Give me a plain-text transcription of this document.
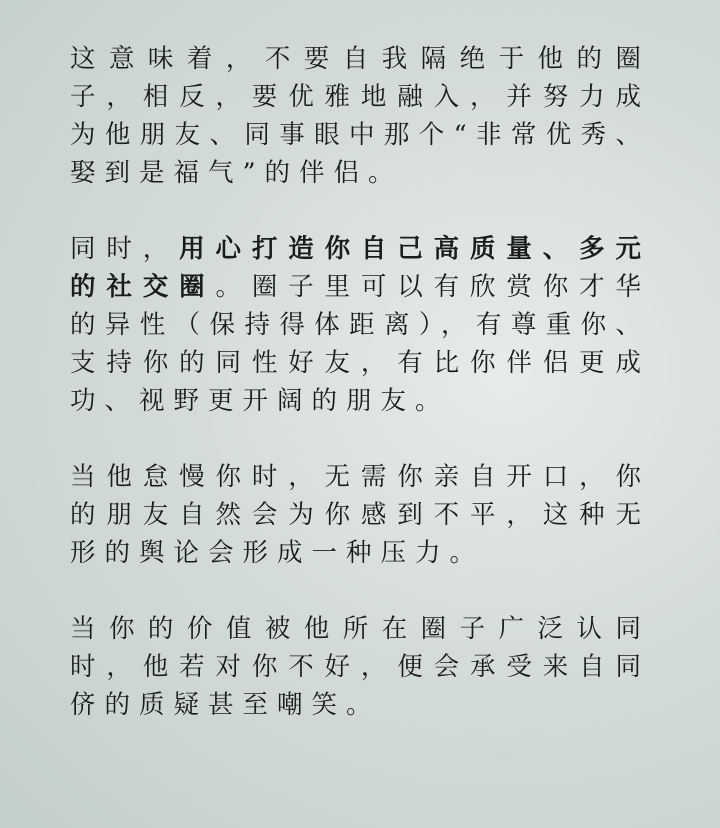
这意味着，不要自我隔绝于他的圈子，相反，要优雅地融入，并努力成为他朋友、同事眼中那个“非常优秀、娶到是福气”的伴侣。

同时，用心打造你自己高质量、多元的社交圈。圈子里可以有欣赏你才华的异性（保持得体距离），有尊重你、支持你的同性好友，有比你伴侣更成功、视野更开阔的朋友。

当他怠慢你时，无需你亲自开口，你的朋友自然会为你感到不平，这种无形的舆论会形成一种压力。

当你的价值被他所在圈子广泛认同时，他若对你不好，便会承受来自同侪的质疑甚至嘲笑。
